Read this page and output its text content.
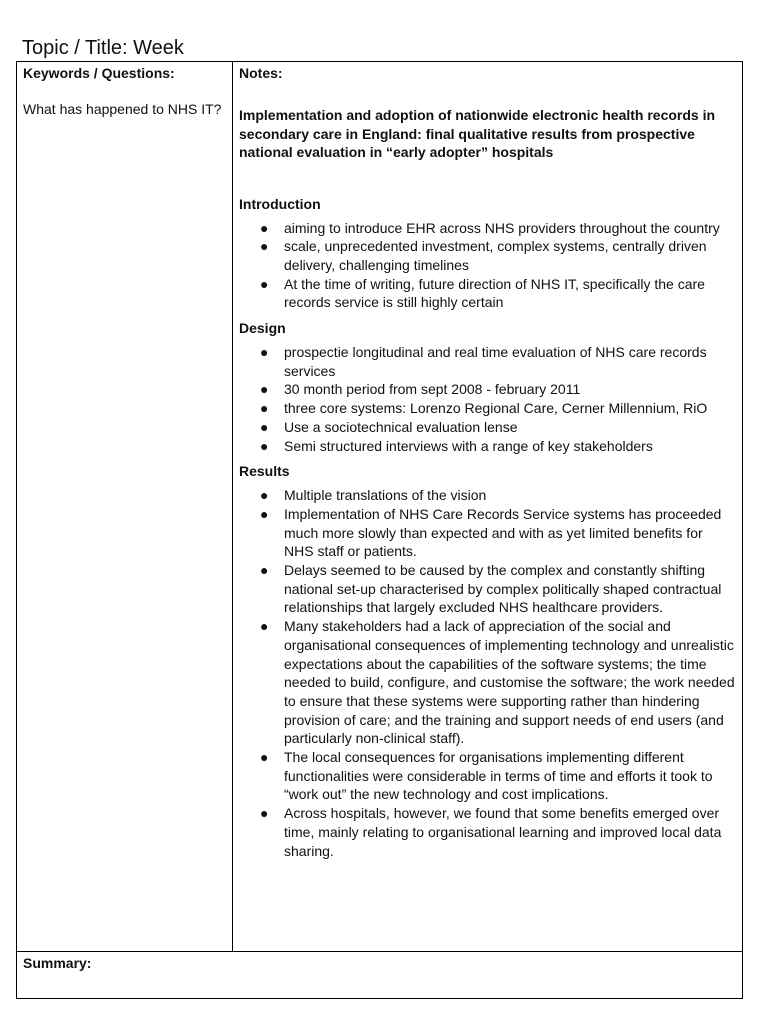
Topic / Title: Week
Keywords / Questions:
What has happened to NHS IT?
Notes:

Implementation and adoption of nationwide electronic health records in secondary care in England: final qualitative results from prospective national evaluation in “early adopter” hospitals

Introduction

● aiming to introduce EHR across NHS providers throughout the country
● scale, unprecedented investment, complex systems, centrally driven delivery, challenging timelines
● At the time of writing, future direction of NHS IT, specifically the care records service is still highly certain

Design

● prospectie longitudinal and real time evaluation of NHS care records services
● 30 month period from sept 2008 - february 2011
● three core systems: Lorenzo Regional Care, Cerner Millennium, RiO
● Use a sociotechnical evaluation lense
● Semi structured interviews with a range of key stakeholders

Results

● Multiple translations of the vision
● Implementation of NHS Care Records Service systems has proceeded much more slowly than expected and with as yet limited benefits for NHS staff or patients.
● Delays seemed to be caused by the complex and constantly shifting national set-up characterised by complex politically shaped contractual relationships that largely excluded NHS healthcare providers.
● Many stakeholders had a lack of appreciation of the social and organisational consequences of implementing technology and unrealistic expectations about the capabilities of the software systems; the time needed to build, configure, and customise the software; the work needed to ensure that these systems were supporting rather than hindering provision of care; and the training and support needs of end users (and particularly non-clinical staff).
● The local consequences for organisations implementing different functionalities were considerable in terms of time and efforts it took to “work out” the new technology and cost implications.
● Across hospitals, however, we found that some benefits emerged over time, mainly relating to organisational learning and improved local data sharing.
Summary:
